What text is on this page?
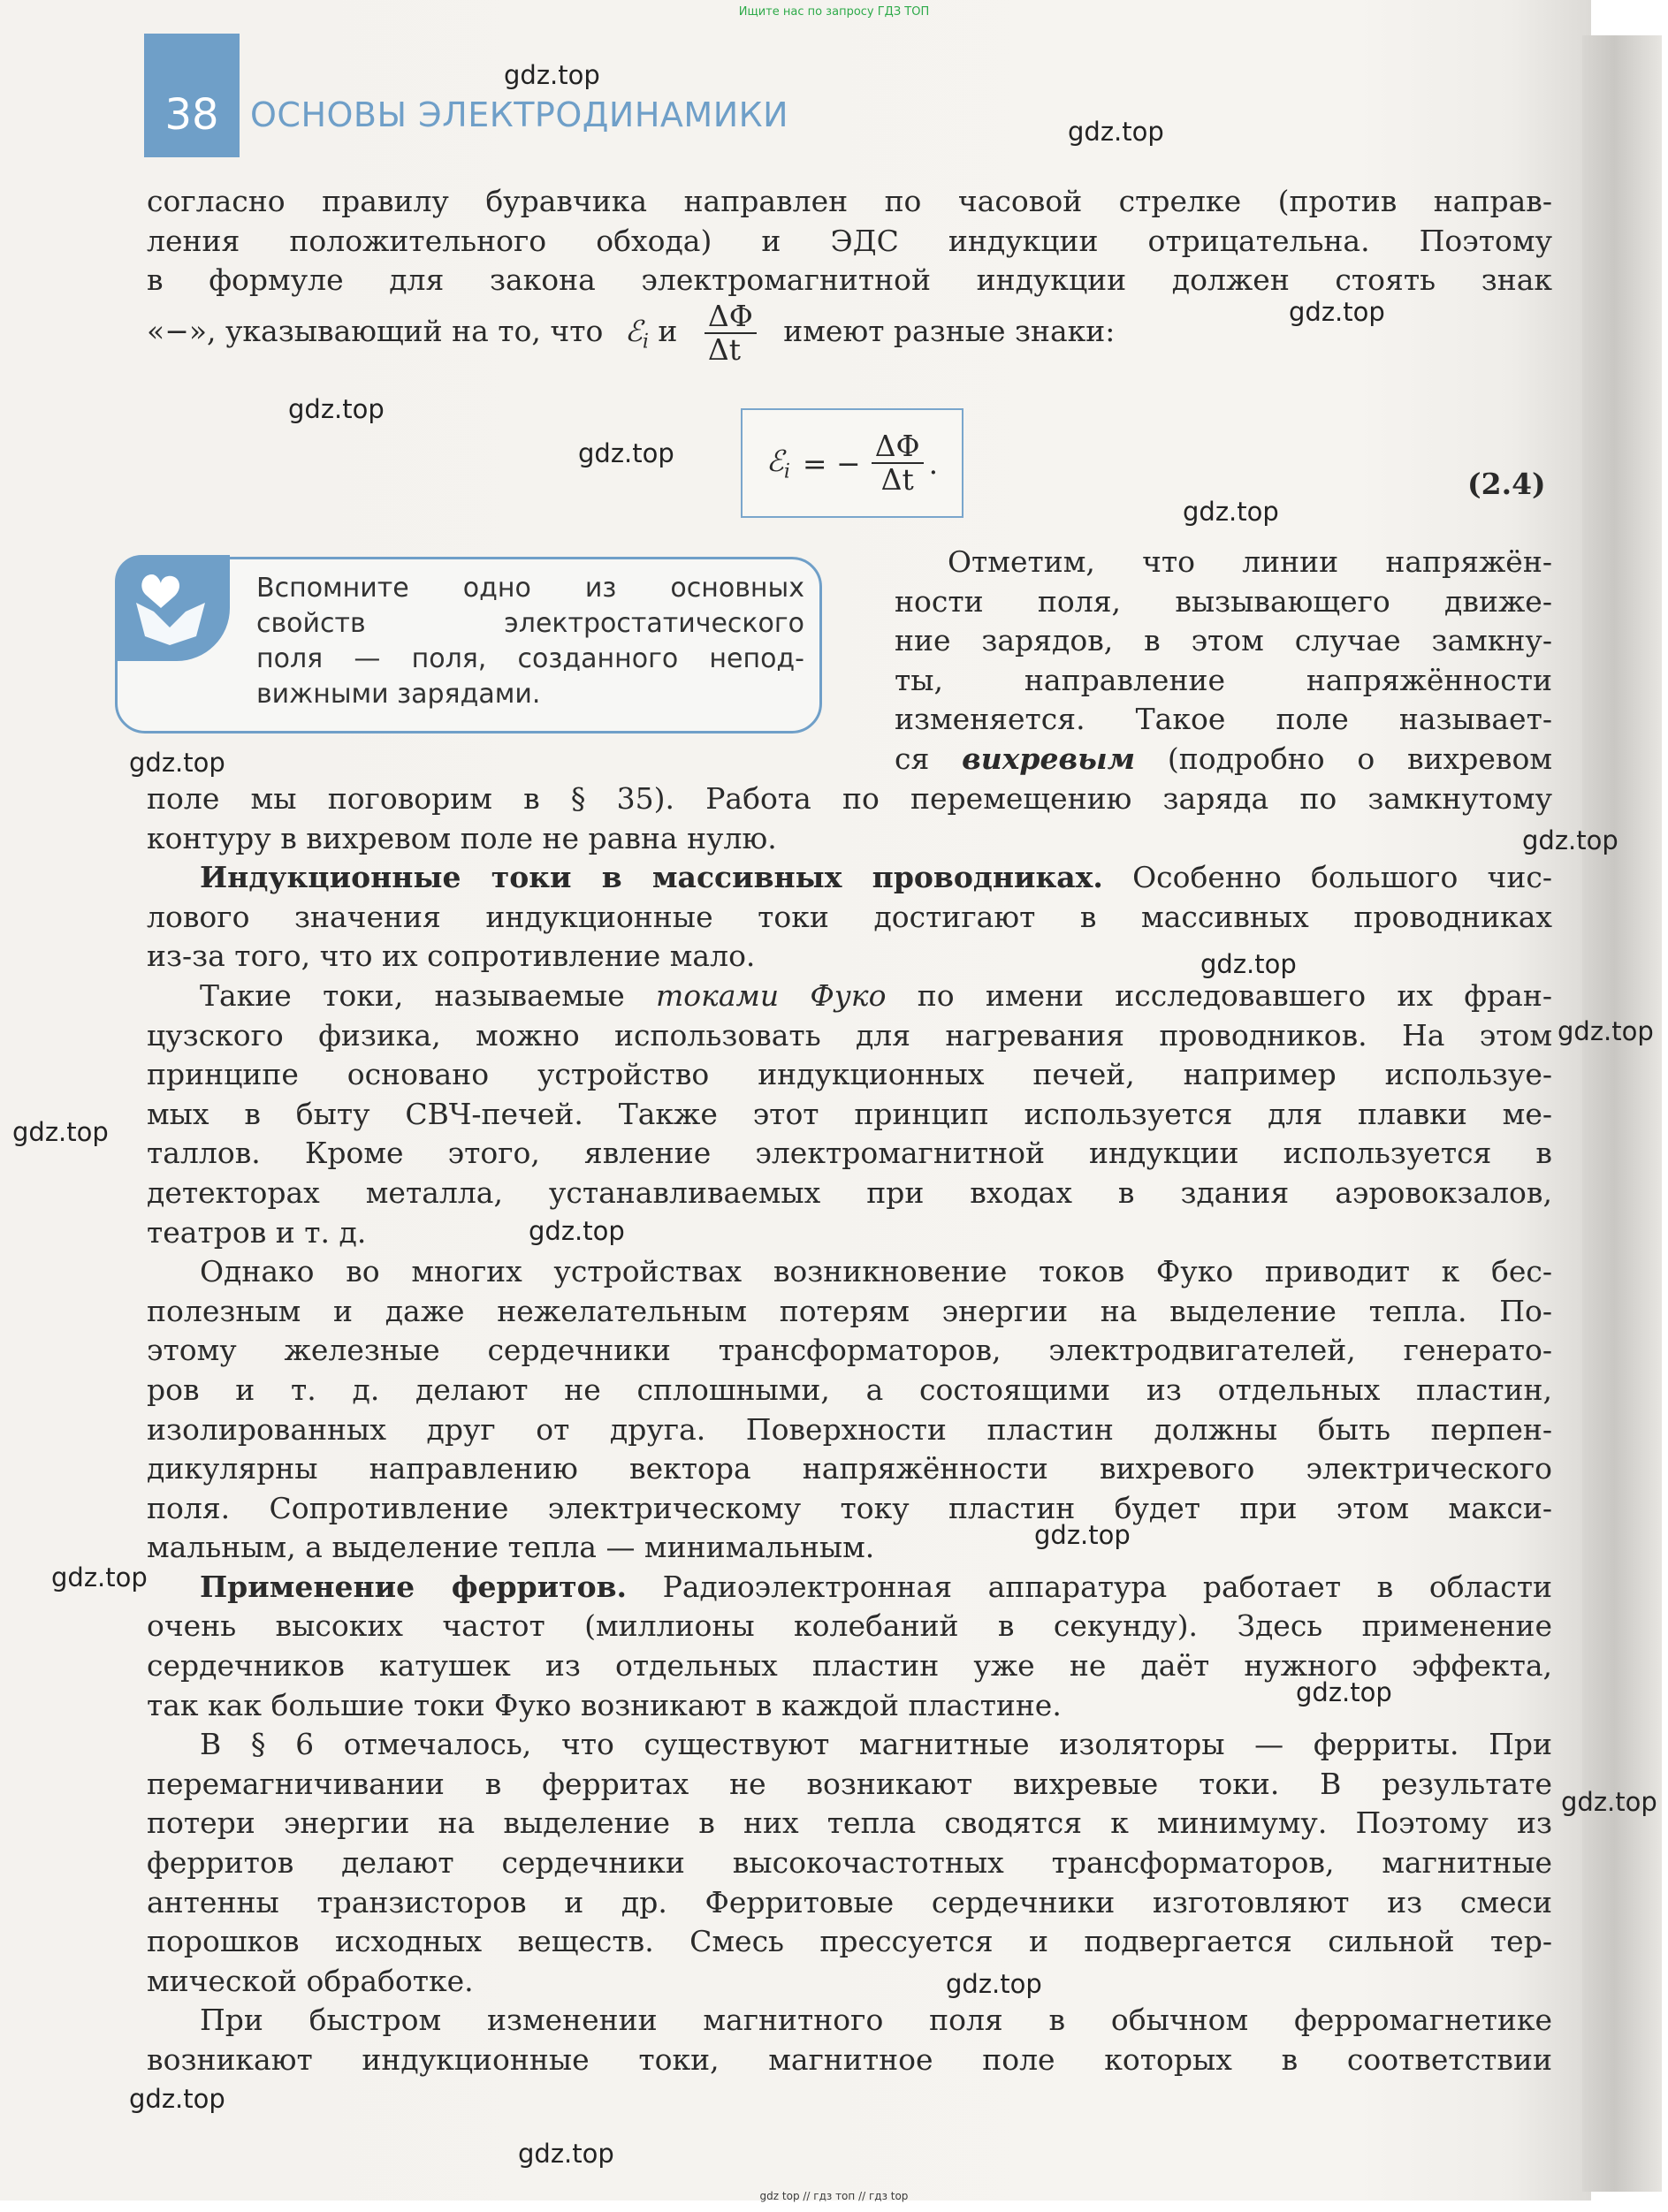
Ищите нас по запросу ГДЗ ТОП
38 ОСНОВЫ ЭЛЕКТРОДИНАМИКИ
согласно правилу буравчика направлен по часовой стрелке (против направ-
ления положительного обхода) и ЭДС индукции отрицательна. Поэтому
в формуле для закона электромагнитной индукции должен стоять знак
«−», указывающий на то, что ℰ$_i$ и $\frac{\Delta\Phi}{\Delta t}$ имеют разные знаки:
ℰ$_i$ = − $\frac{\Delta\Phi}{\Delta t}$ .
(2.4)
Вспомните одно из основных
свойств электростатического
поля — поля, созданного непод-
вижными зарядами.
Отметим, что линии напряжён-
ности поля, вызывающего движе-
ние зарядов, в этом случае замкну-
ты, направление напряжённости
изменяется. Такое поле называет-
ся вихревым (подробно о вихревом
поле мы поговорим в § 35). Работа по перемещению заряда по замкнутому
контуру в вихревом поле не равна нулю.
Индукционные токи в массивных проводниках. Особенно большого чис-
лового значения индукционные токи достигают в массивных проводниках
из-за того, что их сопротивление мало.
Такие токи, называемые токами Фуко по имени исследовавшего их фран-
цузского физика, можно использовать для нагревания проводников. На этом
принципе основано устройство индукционных печей, например используе-
мых в быту СВЧ-печей. Также этот принцип используется для плавки ме-
таллов. Кроме этого, явление электромагнитной индукции используется в
детекторах металла, устанавливаемых при входах в здания аэровокзалов,
театров и т. д.
Однако во многих устройствах возникновение токов Фуко приводит к бес-
полезным и даже нежелательным потерям энергии на выделение тепла. По-
этому железные сердечники трансформаторов, электродвигателей, генерато-
ров и т. д. делают не сплошными, а состоящими из отдельных пластин,
изолированных друг от друга. Поверхности пластин должны быть перпен-
дикулярны направлению вектора напряжённости вихревого электрического
поля. Сопротивление электрическому току пластин будет при этом макси-
мальным, а выделение тепла — минимальным.
Применение ферритов. Радиоэлектронная аппаратура работает в области
очень высоких частот (миллионы колебаний в секунду). Здесь применение
сердечников катушек из отдельных пластин уже не даёт нужного эффекта,
так как большие токи Фуко возникают в каждой пластине.
В § 6 отмечалось, что существуют магнитные изоляторы — ферриты. При
перемагничивании в ферритах не возникают вихревые токи. В результате
потери энергии на выделение в них тепла сводятся к минимуму. Поэтому из
ферритов делают сердечники высокочастотных трансформаторов, магнитные
антенны транзисторов и др. Ферритовые сердечники изготовляют из смеси
порошков исходных веществ. Смесь прессуется и подвергается сильной тер-
мической обработке.
При быстром изменении магнитного поля в обычном ферромагнетике
возникают индукционные токи, магнитное поле которых в соответствии
gdz.top
gdz.top
gdz.top
gdz.top
gdz.top
gdz.top
gdz.top
gdz.top
gdz.top
gdz.top
gdz.top
gdz.top
gdz.top
gdz.top
gdz.top
gdz.top
gdz.top
gdz.top
gdz.top
gdz top // гдз топ // гдз top
